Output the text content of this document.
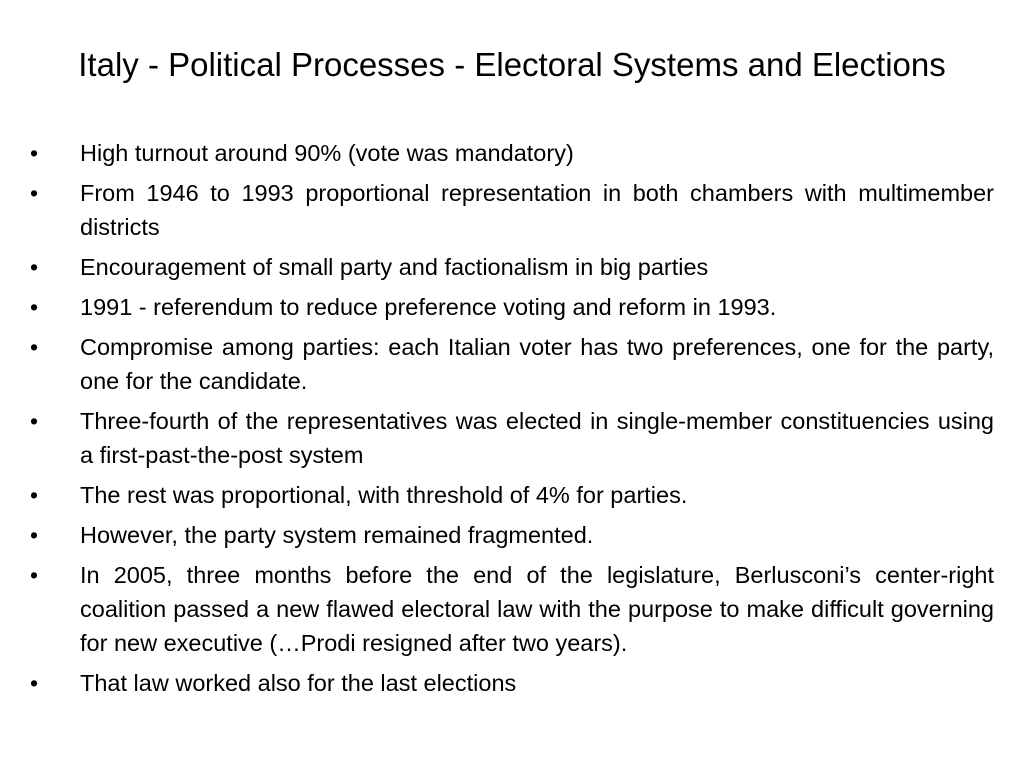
Italy - Political Processes - Electoral Systems and Elections
•	High turnout around 90% (vote was mandatory)
•	From 1946 to 1993 proportional representation in both chambers with multimember districts
•	Encouragement of small party and factionalism in big parties
•	1991 - referendum to reduce preference voting and reform in 1993.
•	Compromise among parties: each Italian voter has two preferences, one for the party, one for the candidate.
•	Three-fourth of the representatives was elected in single-member constituencies using a first-past-the-post system
•	The rest was proportional, with threshold of 4% for parties.
•	However, the party system remained fragmented.
•	In 2005, three months before the end of the legislature, Berlusconi’s center-right coalition passed a new flawed electoral law with the purpose to make difficult governing for new executive (…Prodi resigned after two years).
•	That law worked also for the last elections
